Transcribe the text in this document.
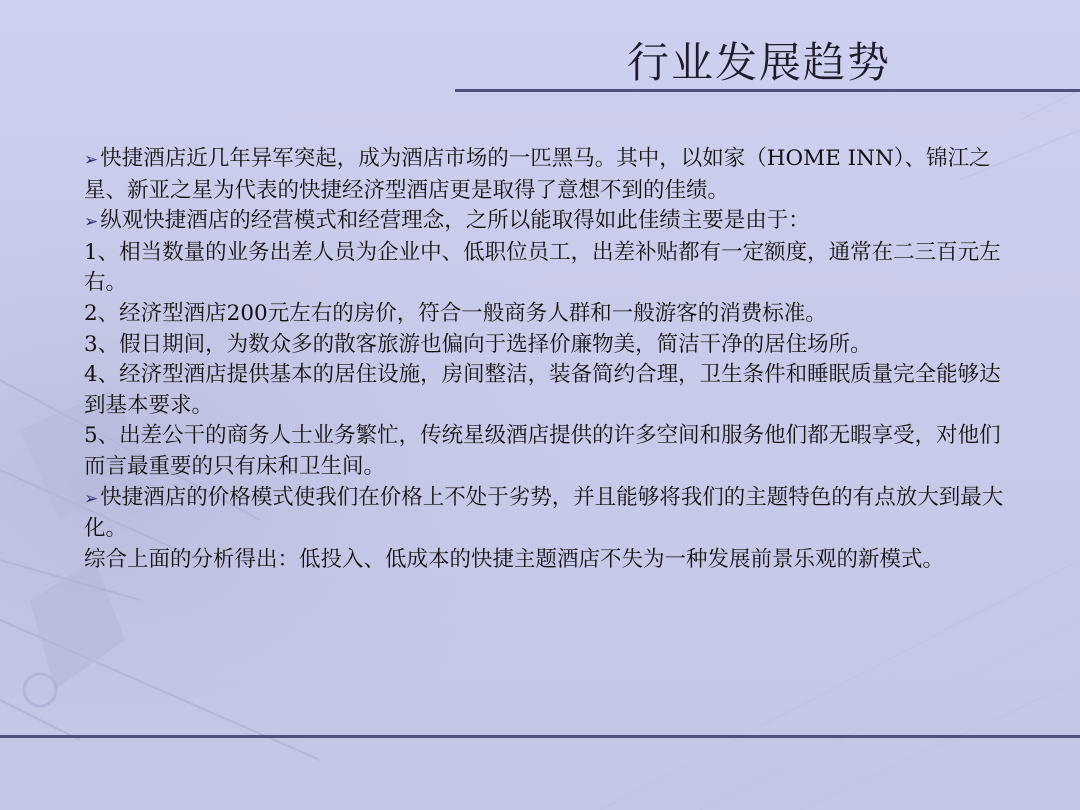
行业发展趋势
➢快捷酒店近几年异军突起，成为酒店市场的一匹黑马。其中，以如家（HOME INN）、锦江之星、新亚之星为代表的快捷经济型酒店更是取得了意想不到的佳绩。
➢纵观快捷酒店的经营模式和经营理念，之所以能取得如此佳绩主要是由于：
1、相当数量的业务出差人员为企业中、低职位员工，出差补贴都有一定额度，通常在二三百元左右。
2、经济型酒店200元左右的房价，符合一般商务人群和一般游客的消费标准。
3、假日期间，为数众多的散客旅游也偏向于选择价廉物美，简洁干净的居住场所。
4、经济型酒店提供基本的居住设施，房间整洁，装备简约合理，卫生条件和睡眠质量完全能够达到基本要求。
5、出差公干的商务人士业务繁忙，传统星级酒店提供的许多空间和服务他们都无暇享受，对他们而言最重要的只有床和卫生间。
➢快捷酒店的价格模式使我们在价格上不处于劣势，并且能够将我们的主题特色的有点放大到最大化。
综合上面的分析得出：低投入、低成本的快捷主题酒店不失为一种发展前景乐观的新模式。
